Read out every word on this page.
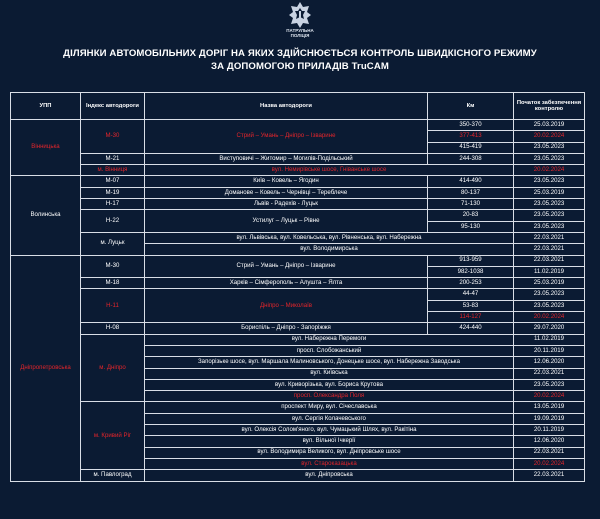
ПАТРУЛЬНА
ПОЛІЦІЯ
ДІЛЯНКИ АВТОМОБІЛЬНИХ ДОРІГ НА ЯКИХ ЗДІЙСНЮЄТЬСЯ КОНТРОЛЬ ШВИДКІСНОГО РЕЖИМУ
ЗА ДОПОМОГОЮ ПРИЛАДІВ TruCAM
УПП	Індекс автодороги	Назва автодороги	Км	Початок забезпечення контролю
Вінницька	М-30	Стрий – Умань – Дніпро – Ізварине	350-370	25.03.2019
			377-413	20.02.2024
			415-419	23.05.2023
	М-21	Виступовичі – Житомир – Могилів-Подільський	244-308	23.05.2023
	м. Вінниця	вул. Немирівське шосе, Гніванське шосе		20.02.2024
Волинська	М-07	Київ – Ковель – Ягодин	414-490	23.05.2023
	М-19	Доманове – Ковель – Чернівці – Тереблече	80-137	25.03.2019
	Н-17	Львів - Радехів - Луцьк	71-130	23.05.2023
	Н-22	Устилуг – Луцьк – Рівне	20-83	23.05.2023
			95-130	23.05.2023
	м. Луцьк	вул. Львівська, вул. Ковельська, вул. Рівненська, вул. Набережна		22.03.2021
		вул. Володимирська		22.03.2021
Дніпропетровська	М-30	Стрий – Умань – Дніпро – Ізварине	913-959	22.03.2021
			982-1038	11.02.2019
	М-18	Харків – Сімферополь – Алушта – Ялта	200-253	25.03.2019
	Н-11	Дніпро – Миколаїв	44-47	23.05.2023
			53-83	23.05.2023
			114-127	20.02.2024
	Н-08	Бориспіль – Дніпро - Запоріжжя	424-440	29.07.2020
	м. Дніпро	вул. Набережна Перемоги		11.02.2019
		просп. Слобожанський		20.11.2019
		Запорізьке шосе, вул. Маршала Малиновського, Донецьке шосе, вул. Набережна Заводська		12.06.2020
		вул. Київська		22.03.2021
		вул. Криворізька, вул. Бориса Крутова		23.05.2023
		просп. Олександра Поля		20.02.2024
	м. Кривий Ріг	проспект Миру, вул. Січеславська		13.05.2019
		вул. Сергія Колачевського		19.09.2019
		вул. Олексія Солом'яного, вул. Чумацький Шлях, вул. Ракітіна		20.11.2019
		вул. Вільної Ічкерії		12.06.2020
		вул. Володимира Великого, вул. Дніпровське шосе		22.03.2021
		вул. Староказацька		20.02.2024
	м. Павлоград	вул. Дніпровська		22.03.2021
